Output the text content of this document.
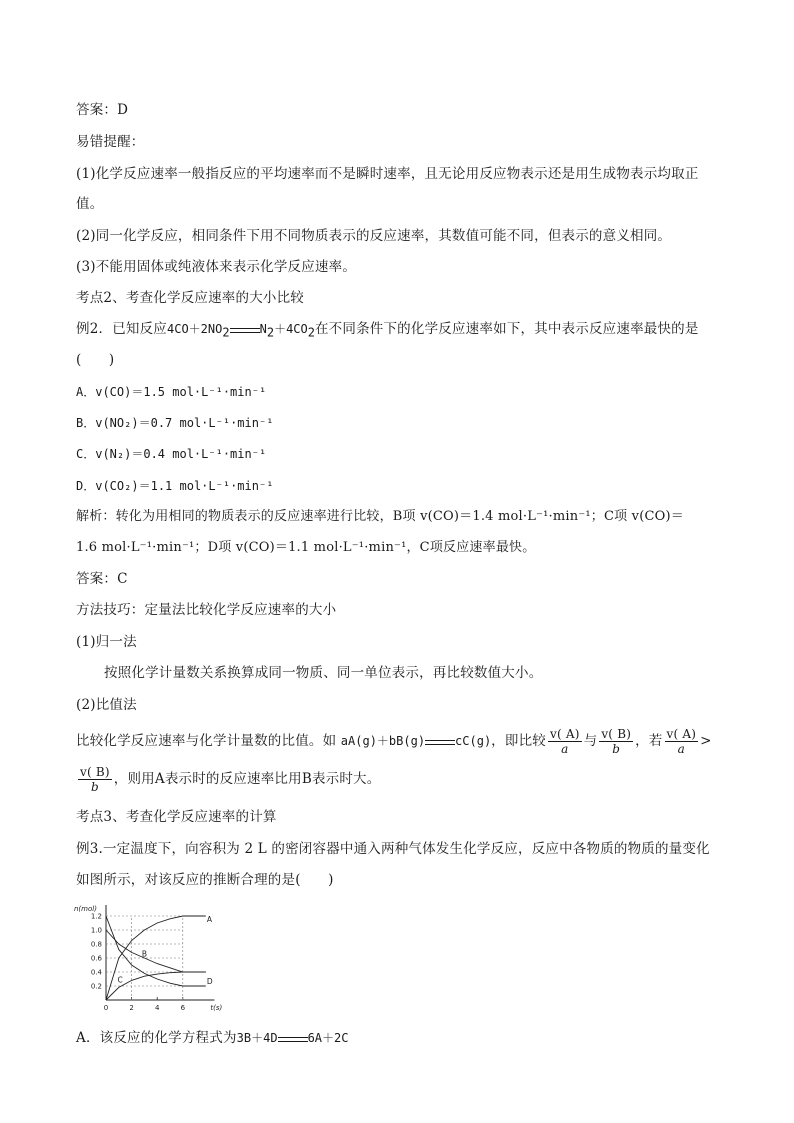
答案：D
易错提醒：
(1)化学反应速率一般指反应的平均速率而不是瞬时速率，且无论用反应物表示还是用生成物表示均取正
值。
(2)同一化学反应，相同条件下用不同物质表示的反应速率，其数值可能不同，但表示的意义相同。
(3)不能用固体或纯液体来表示化学反应速率。
考点2、考查化学反应速率的大小比较
例2．已知反应$4CO+2NO_2$	$N_2+4CO_2$在不同条件下的化学反应速率如下，其中表示反应速率最快的是
(　　)
A．v(CO)＝1.5 mol·L⁻¹·min⁻¹
B．v(NO₂)＝0.7 mol·L⁻¹·min⁻¹
C．v(N₂)＝0.4 mol·L⁻¹·min⁻¹
D．v(CO₂)＝1.1 mol·L⁻¹·min⁻¹
解析：转化为用相同的物质表示的反应速率进行比较，B项 v(CO)＝1.4 mol·L⁻¹·min⁻¹；C项 v(CO)＝
1.6 mol·L⁻¹·min⁻¹；D项 v(CO)＝1.1 mol·L⁻¹·min⁻¹，C项反应速率最快。
答案：C
方法技巧：定量法比较化学反应速率的大小
(1)归一法
按照化学计量数关系换算成同一物质、同一单位表示，再比较数值大小。
(2)比值法
比较化学反应速率与化学计量数的比值。如 aA(g)＋bB(g)	cC(g)，即比较 $\frac{v( A)}{a}$ 与 $\frac{v( B)}{b}$ ，若 $\frac{v( A)}{a}$ >
$\frac{v( B)}{b}$ ，则用A表示时的反应速率比用B表示时大。
考点3、考查化学反应速率的计算
例3.一定温度下，向容积为 2 L 的密闭容器中通入两种气体发生化学反应，反应中各物质的物质的量变化
如图所示，对该反应的推断合理的是(　　)
n(mol)
t(s)
0.2
0.4
0.6
0.8
1.0
1.2
0	2	4	6
A
B
C	D
A．该反应的化学方程式为3B＋4D	6A＋2C
